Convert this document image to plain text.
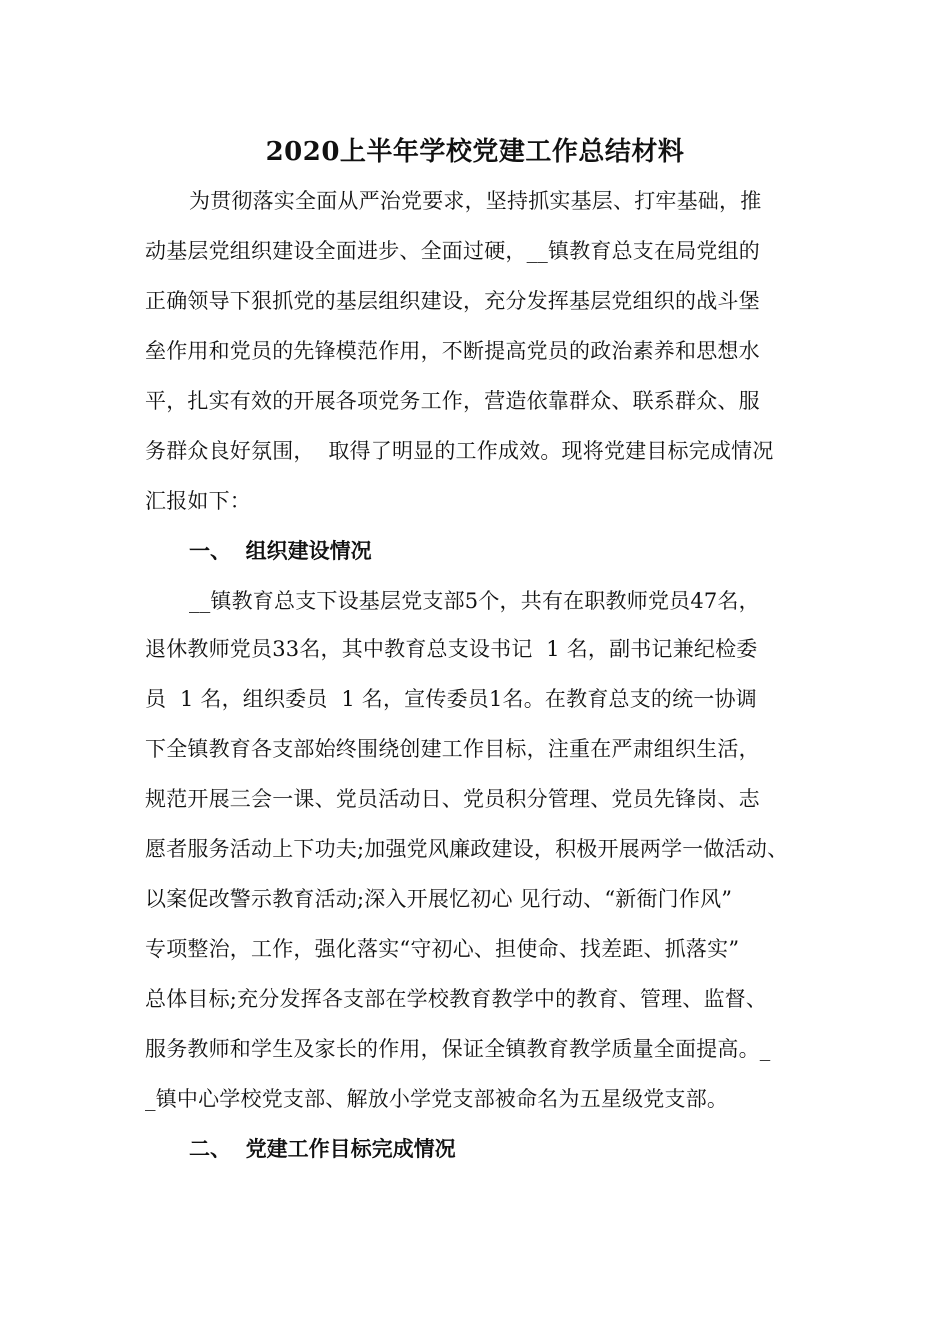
2020上半年学校党建工作总结材料
为贯彻落实全面从严治党要求，坚持抓实基层、打牢基础，推
动基层党组织建设全面进步、全面过硬，__镇教育总支在局党组的
正确领导下狠抓党的基层组织建设，充分发挥基层党组织的战斗堡
垒作用和党员的先锋模范作用，不断提高党员的政治素养和思想水
平，扎实有效的开展各项党务工作，营造依靠群众、联系群众、服
务群众良好氛围，  取得了明显的工作成效。现将党建目标完成情况
汇报如下：
一、  组织建设情况
__镇教育总支下设基层党支部5个，共有在职教师党员47名，
退休教师党员33名，其中教育总支设书记  1 名，副书记兼纪检委
员  1 名，组织委员  1 名，宣传委员1名。在教育总支的统一协调
下全镇教育各支部始终围绕创建工作目标，注重在严肃组织生活，
规范开展三会一课、党员活动日、党员积分管理、党员先锋岗、志
愿者服务活动上下功夫;加强党风廉政建设，积极开展两学一做活动、
以案促改警示教育活动;深入开展忆初心 见行动、“新衙门作风”
专项整治，工作，强化落实“守初心、担使命、找差距、抓落实”
总体目标;充分发挥各支部在学校教育教学中的教育、管理、监督、
服务教师和学生及家长的作用，保证全镇教育教学质量全面提高。_
_镇中心学校党支部、解放小学党支部被命名为五星级党支部。
二、  党建工作目标完成情况
